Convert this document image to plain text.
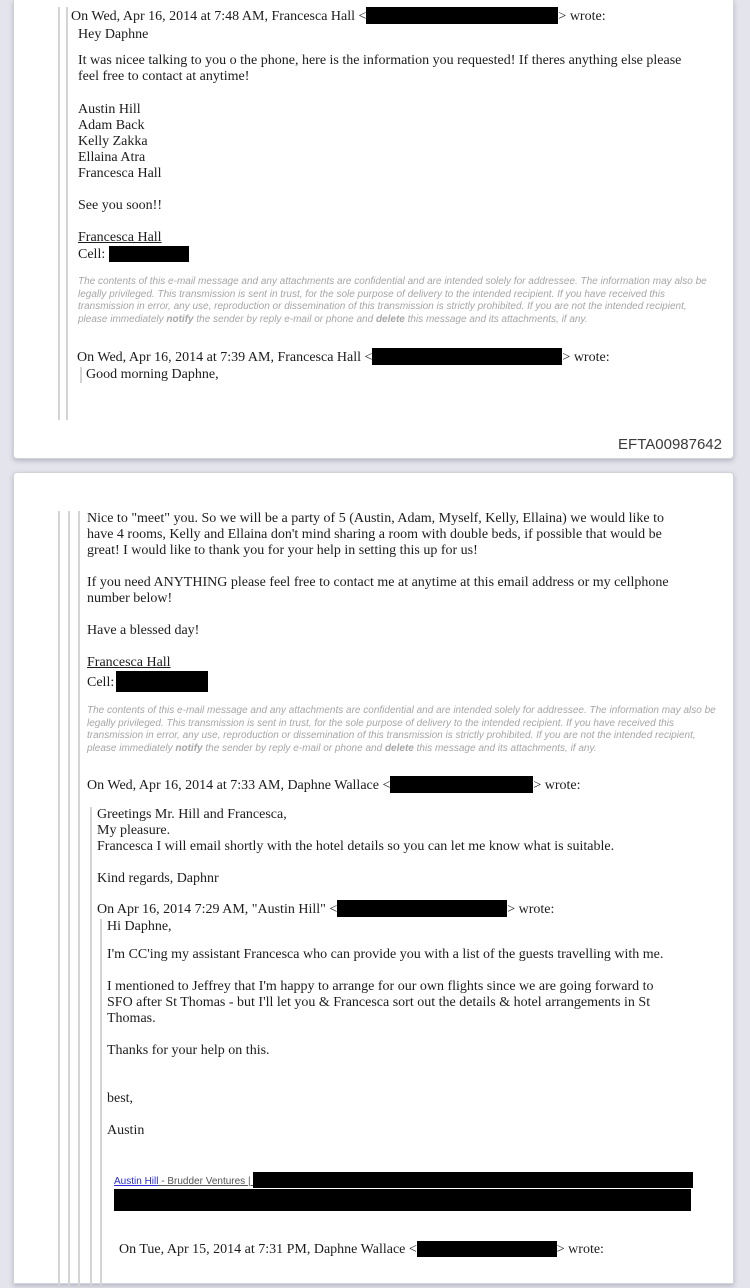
On Wed, Apr 16, 2014 at 7:48 AM, Francesca Hall <	> wrote:

Hey Daphne

It was nicee talking to you o the phone, here is the information you requested! If theres anything else please
feel free to contact at anytime!

Austin Hill
Adam Back
Kelly Zakka
Ellaina Atra
Francesca Hall

See you soon!!

Francesca Hall
Cell:

The contents of this e-mail message and any attachments are confidential and are intended solely for addressee. The information may also be legally privileged. This transmission is sent in trust, for the sole purpose of delivery to the intended recipient. If you have received this transmission in error, any use, reproduction or dissemination of this transmission is strictly prohibited. If you are not the intended recipient, please immediately notify the sender by reply e-mail or phone and delete this message and its attachments, if any.

On Wed, Apr 16, 2014 at 7:39 AM, Francesca Hall <	> wrote:

Good morning Daphne,

EFTA00987642

Nice to "meet" you. So we will be a party of 5 (Austin, Adam, Myself, Kelly, Ellaina) we would like to
have 4 rooms, Kelly and Ellaina don't mind sharing a room with double beds, if possible that would be
great! I would like to thank you for your help in setting this up for us!

If you need ANYTHING please feel free to contact me at anytime at this email address or my cellphone
number below!

Have a blessed day!

Francesca Hall
Cell:

The contents of this e-mail message and any attachments are confidential and are intended solely for addressee. The information may also be legally privileged. This transmission is sent in trust, for the sole purpose of delivery to the intended recipient. If you have received this transmission in error, any use, reproduction or dissemination of this transmission is strictly prohibited. If you are not the intended recipient, please immediately notify the sender by reply e-mail or phone and delete this message and its attachments, if any.

On Wed, Apr 16, 2014 at 7:33 AM, Daphne Wallace <	> wrote:

Greetings Mr. Hill and Francesca,

My pleasure.

Francesca I will email shortly with the hotel details so you can let me know what is suitable.

Kind regards, Daphnr

On Apr 16, 2014 7:29 AM, "Austin Hill" <	> wrote:

Hi Daphne,

I'm CC'ing my assistant Francesca who can provide you with a list of the guests travelling with me.

I mentioned to Jeffrey that I'm happy to arrange for our own flights since we are going forward to
SFO after St Thomas - but I'll let you & Francesca sort out the details & hotel arrangements in St
Thomas.

Thanks for your help on this.

best,

Austin

Austin Hill - Brudder Ventures |
On Tue, Apr 15, 2014 at 7:31 PM, Daphne Wallace <	> wrote:
